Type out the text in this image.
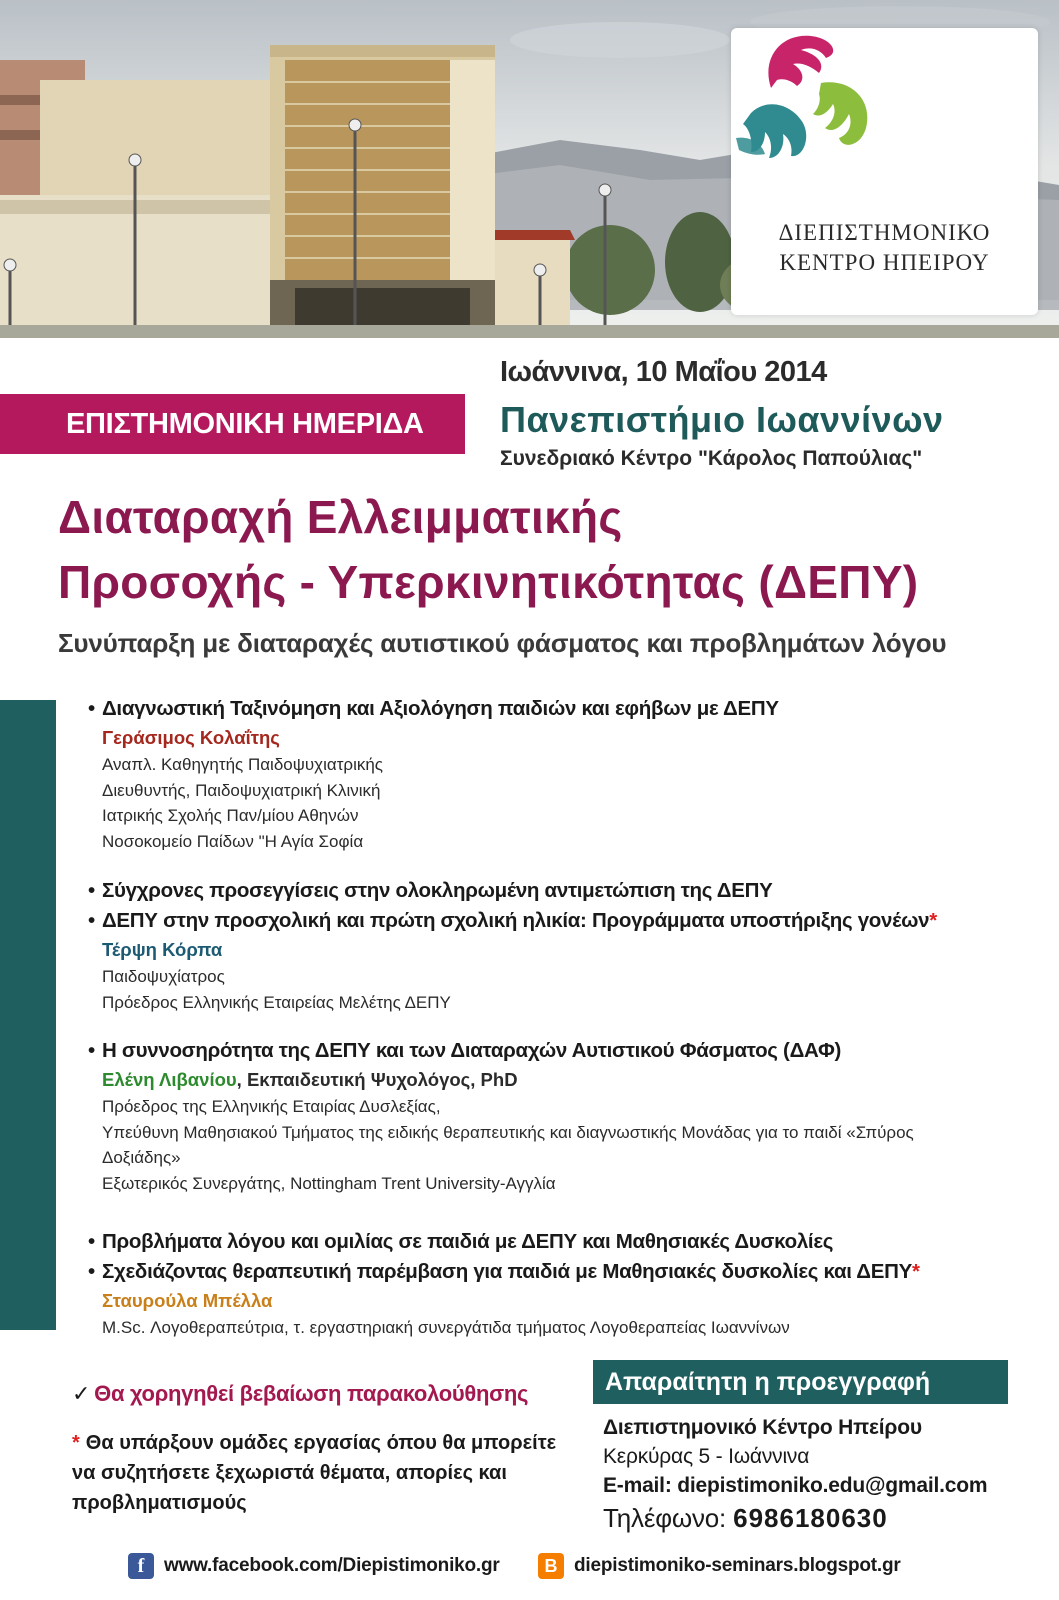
ΔΙΕΠΙΣΤΗΜΟΝΙΚΟ
ΚΕΝΤΡΟ ΗΠΕΙΡΟΥ
Ιωάννινα, 10 Μαΐου 2014
ΕΠΙΣΤΗΜΟΝΙΚΗ ΗΜΕΡΙΔΑ	Πανεπιστήμιο Ιωαννίνων
Συνεδριακό Κέντρο "Κάρολος Παπούλιας"
Διαταραχή Ελλειμματικής
Προσοχής - Υπερκινητικότητας (ΔΕΠΥ)
Συνύπαρξη με διαταραχές αυτιστικού φάσματος και προβλημάτων λόγου
• Διαγνωστική Ταξινόμηση και Αξιολόγηση παιδιών και εφήβων με ΔΕΠΥ
Γεράσιμος Κολαΐτης
Αναπλ. Καθηγητής Παιδοψυχιατρικής
Διευθυντής, Παιδοψυχιατρική Κλινική
Ιατρικής Σχολής Παν/μίου Αθηνών
Νοσοκομείο Παίδων "Η Αγία Σοφία
• Σύγχρονες προσεγγίσεις στην ολοκληρωμένη αντιμετώπιση της ΔΕΠΥ
• ΔΕΠΥ στην προσχολική και πρώτη σχολική ηλικία: Προγράμματα υποστήριξης γονέων*
Τέρψη Κόρπα
Παιδοψυχίατρος
Πρόεδρος Ελληνικής Εταιρείας Μελέτης ΔΕΠΥ
• Η συννοσηρότητα της ΔΕΠΥ και των Διαταραχών Αυτιστικού Φάσματος (ΔΑΦ)
Ελένη Λιβανίου, Εκπαιδευτική Ψυχολόγος, PhD
Πρόεδρος της Ελληνικής Εταιρίας Δυσλεξίας,
Υπεύθυνη Μαθησιακού Τμήματος της ειδικής θεραπευτικής και διαγνωστικής Μονάδας για το παιδί «Σπύρος
Δοξιάδης»
Εξωτερικός Συνεργάτης, Nottingham Trent University-Αγγλία
• Προβλήματα λόγου και ομιλίας σε παιδιά με ΔΕΠΥ και Μαθησιακές Δυσκολίες
• Σχεδιάζοντας θεραπευτική παρέμβαση για παιδιά με Μαθησιακές δυσκολίες και ΔΕΠΥ*
Σταυρούλα Μπέλλα
M.Sc. Λογοθεραπεύτρια, τ. εργαστηριακή συνεργάτιδα τμήματος Λογοθεραπείας Ιωαννίνων
✓ Θα χορηγηθεί βεβαίωση παρακολούθησης
* Θα υπάρξουν ομάδες εργασίας όπου θα μπορείτε να συζητήσετε ξεχωριστά θέματα, απορίες και προβληματισμούς
Απαραίτητη η προεγγραφή
Διεπιστημονικό Κέντρο Ηπείρου
Κερκύρας 5 - Ιωάννινα
E-mail: diepistimoniko.edu@gmail.com
Τηλέφωνο: 6986180630
f	www.facebook.com/Diepistimoniko.gr	B diepistimoniko-seminars.blogspot.gr
